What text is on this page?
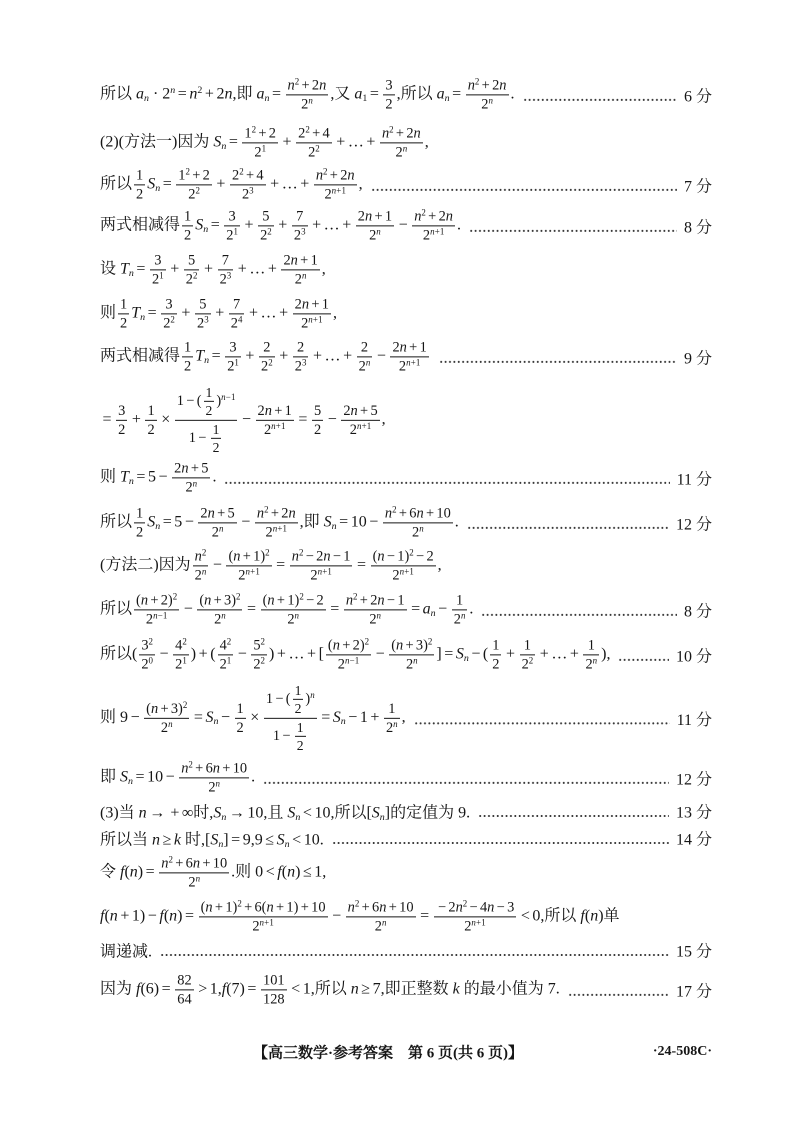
【高三数学·参考答案　第 6 页(共 6 页)】	·24-508C·
所以 $a_n \cdot 2^n = n^2 + 2n$,即 $a_n = \frac{n^2 + 2n}{2^n}$ ,又 $a_1 = \frac{3}{2}$ ,所以 $a_n = \frac{n^2 + 2n}{2^n}$ .	6 分
(2)(方法一)因为 $S_n = \frac{1^2 + 2}{2^1} + \frac{2^2 + 4}{2^2}$ + … + $\frac{n^2 + 2n}{2^n}$ ,
所以 $\frac{1}{2} S_n = \frac{1^2 + 2}{2^2} + \frac{2^2 + 4}{2^3}$ + … + $\frac{n^2 + 2n}{2^{n+1}}$ ,	7 分
两式相减得 $\frac{1}{2} S_n = \frac{3}{2^1} + \frac{5}{2^2} + \frac{7}{2^3}$ + … + $\frac{2n + 1}{2^n} - \frac{n^2 + 2n}{2^{n+1}}$ .	8 分
设 $T_n = \frac{3}{2^1} + \frac{5}{2^2} + \frac{7}{2^3}$ + … + $\frac{2n + 1}{2^n}$ ,
则 $\frac{1}{2} T_n = \frac{3}{2^2} + \frac{5}{2^3} + \frac{7}{2^4}$ + … + $\frac{2n + 1}{2^{n+1}}$ ,
两式相减得 $\frac{1}{2} T_n = \frac{3}{2^1} + \frac{2}{2^2} + \frac{2}{2^3}$ + … + $\frac{2}{2^n} - \frac{2n + 1}{2^{n+1}}$	9 分
= $\frac{3}{2} + \frac{1}{2} \times \frac{1 - ( \frac{1}{2} )^{n-1}}{1 - \frac{1}{2}} - \frac{2n + 1}{2^{n+1}} = \frac{5}{2} - \frac{2n + 5}{2^{n+1}}$ ,
则 $T_n = 5 - \frac{2n + 5}{2^n}$ .	11 分
所以 $\frac{1}{2} S_n = 5 - \frac{2n + 5}{2^n} - \frac{n^2 + 2n}{2^{n+1}}$ ,即 $S_n = 10 - \frac{n^2 + 6n + 10}{2^n}$ .	12 分
(方法二)因为 $\frac{n^2}{2^n} - \frac{(n + 1)^2}{2^{n+1}} = \frac{n^2 - 2n - 1}{2^{n+1}} = \frac{(n - 1)^2 - 2}{2^{n+1}}$ ,
所以 $\frac{(n + 2)^2}{2^{n-1}} - \frac{(n + 3)^2}{2^n} = \frac{(n + 1)^2 - 2}{2^n} = \frac{n^2 + 2n - 1}{2^n} = a_n - \frac{1}{2^n}$ .	8 分
所以( $\frac{3^2}{2^0} - \frac{4^2}{2^1}$ ) + ( $\frac{4^2}{2^1} - \frac{5^2}{2^2}$ ) + … + [ $\frac{(n + 2)^2}{2^{n-1}} - \frac{(n + 3)^2}{2^n}$ ] = $S_n$ − ( $\frac{1}{2} + \frac{1}{2^2}$ + … + $\frac{1}{2^n}$ ),	10 分
则 $9 - \frac{(n + 3)^2}{2^n} = S_n - \frac{1}{2} \times \frac{1 - ( \frac{1}{2} )^n}{1 - \frac{1}{2}} = S_n - 1 + \frac{1}{2^n}$ ,	11 分
即 $S_n = 10 - \frac{n^2 + 6n + 10}{2^n}$ .	12 分
(3)当 n → + ∞时$,S_n \to 10$,且 $S_n < 10$,所以$[S_n]$的定值为 9.	13 分
所以当 n ≥ k 时$,[S_n] = 9,9 \le S_n < 10$.	14 分
令 $f(n) = \frac{n^2 + 6n + 10}{2^n}$ .则 0 < f(n) ≤ 1,
$f(n + 1) - f(n) = \frac{(n + 1)^2 + 6(n + 1) + 10}{2^{n+1}} - \frac{n^2 + 6n + 10}{2^n} = \frac{- 2n^2 - 4n - 3}{2^{n+1}} < 0$,所以 f(n)单
调递减.	15 分
因为 $f(6) = \frac{82}{64} > 1,f(7) = \frac{101}{128} < 1$,所以 n ≥ 7,即正整数 k 的最小值为 7.	17 分
